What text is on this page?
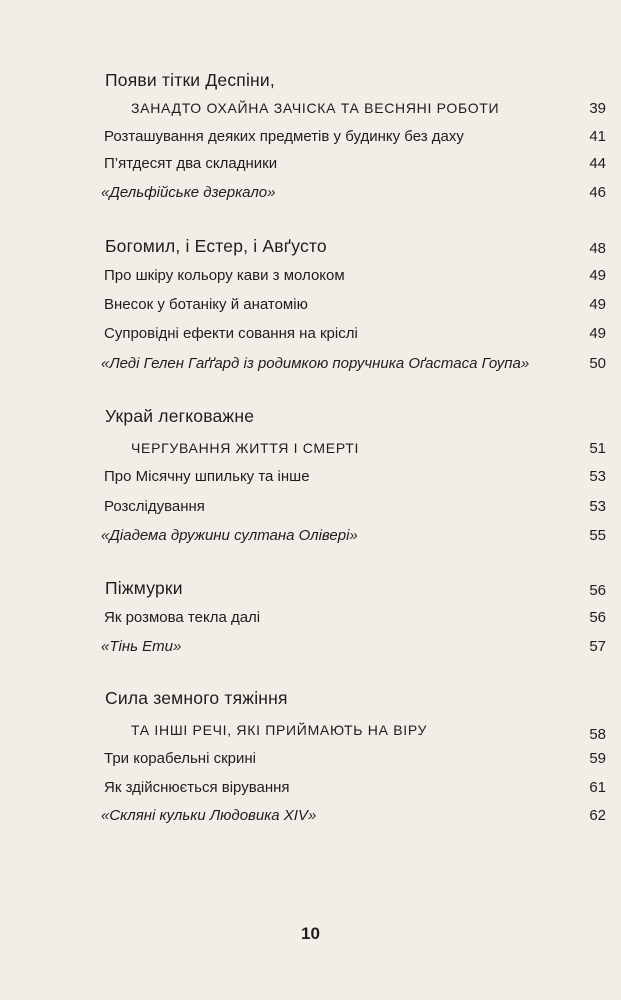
Появи тітки Деспіни,
ЗАНАДТО ОХАЙНА ЗАЧІСКА ТА ВЕСНЯНІ РОБОТИ	39
Розташування деяких предметів у будинку без даху	41
П’ятдесят два складники	44
«Дельфійське дзеркало»	46
Богомил, і Естер, і Авґусто	48
Про шкіру кольору кави з молоком	49
Внесок у ботаніку й анатомію	49
Супровідні ефекти совання на кріслі	49
«Леді Гелен Гаґґард із родимкою поручника Оґастаса Гоупа»	50
Украй легковажне
ЧЕРГУВАННЯ ЖИТТЯ І СМЕРТІ	51
Про Місячну шпильку та інше	53
Розслідування	53
«Діадема дружини султана Оліверi»	55
Піжмурки	56
Як розмова текла далі	56
«Тінь Ети»	57
Сила земного тяжіння
ТА ІНШІ РЕЧІ, ЯКІ ПРИЙМАЮТЬ НА ВІРУ	58
Три корабельні скрині	59
Як здійснюється вірування	61
«Скляні кульки Людовика XIV»	62
10
